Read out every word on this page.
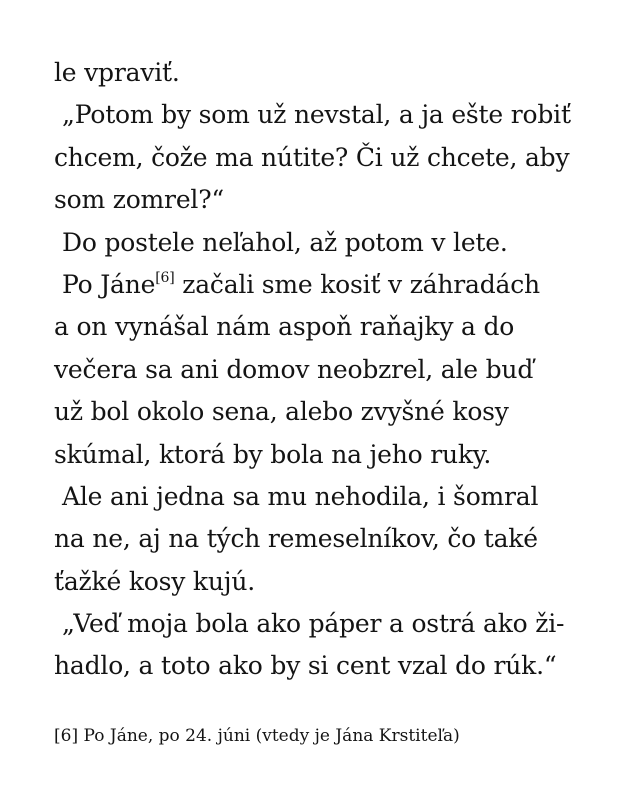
le vpraviť.
„Potom by som už nevstal, a ja ešte robiť
chcem, čože ma nútite? Či už chcete, aby
som zomrel?“
Do postele neľahol, až potom v lete.
Po Jáne[6] začali sme kosiť v záhradách
a on vynášal nám aspoň raňajky a do
večera sa ani domov neobzrel, ale buď
už bol okolo sena, alebo zvyšné kosy
skúmal, ktorá by bola na jeho ruky.
Ale ani jedna sa mu nehodila, i šomral
na ne, aj na tých remeselníkov, čo také
ťažké kosy kujú.
„Veď moja bola ako páper a ostrá ako ži-
hadlo, a toto ako by si cent vzal do rúk.“
[6] Po Jáne, po 24. júni (vtedy je Jána Krstiteľa)
